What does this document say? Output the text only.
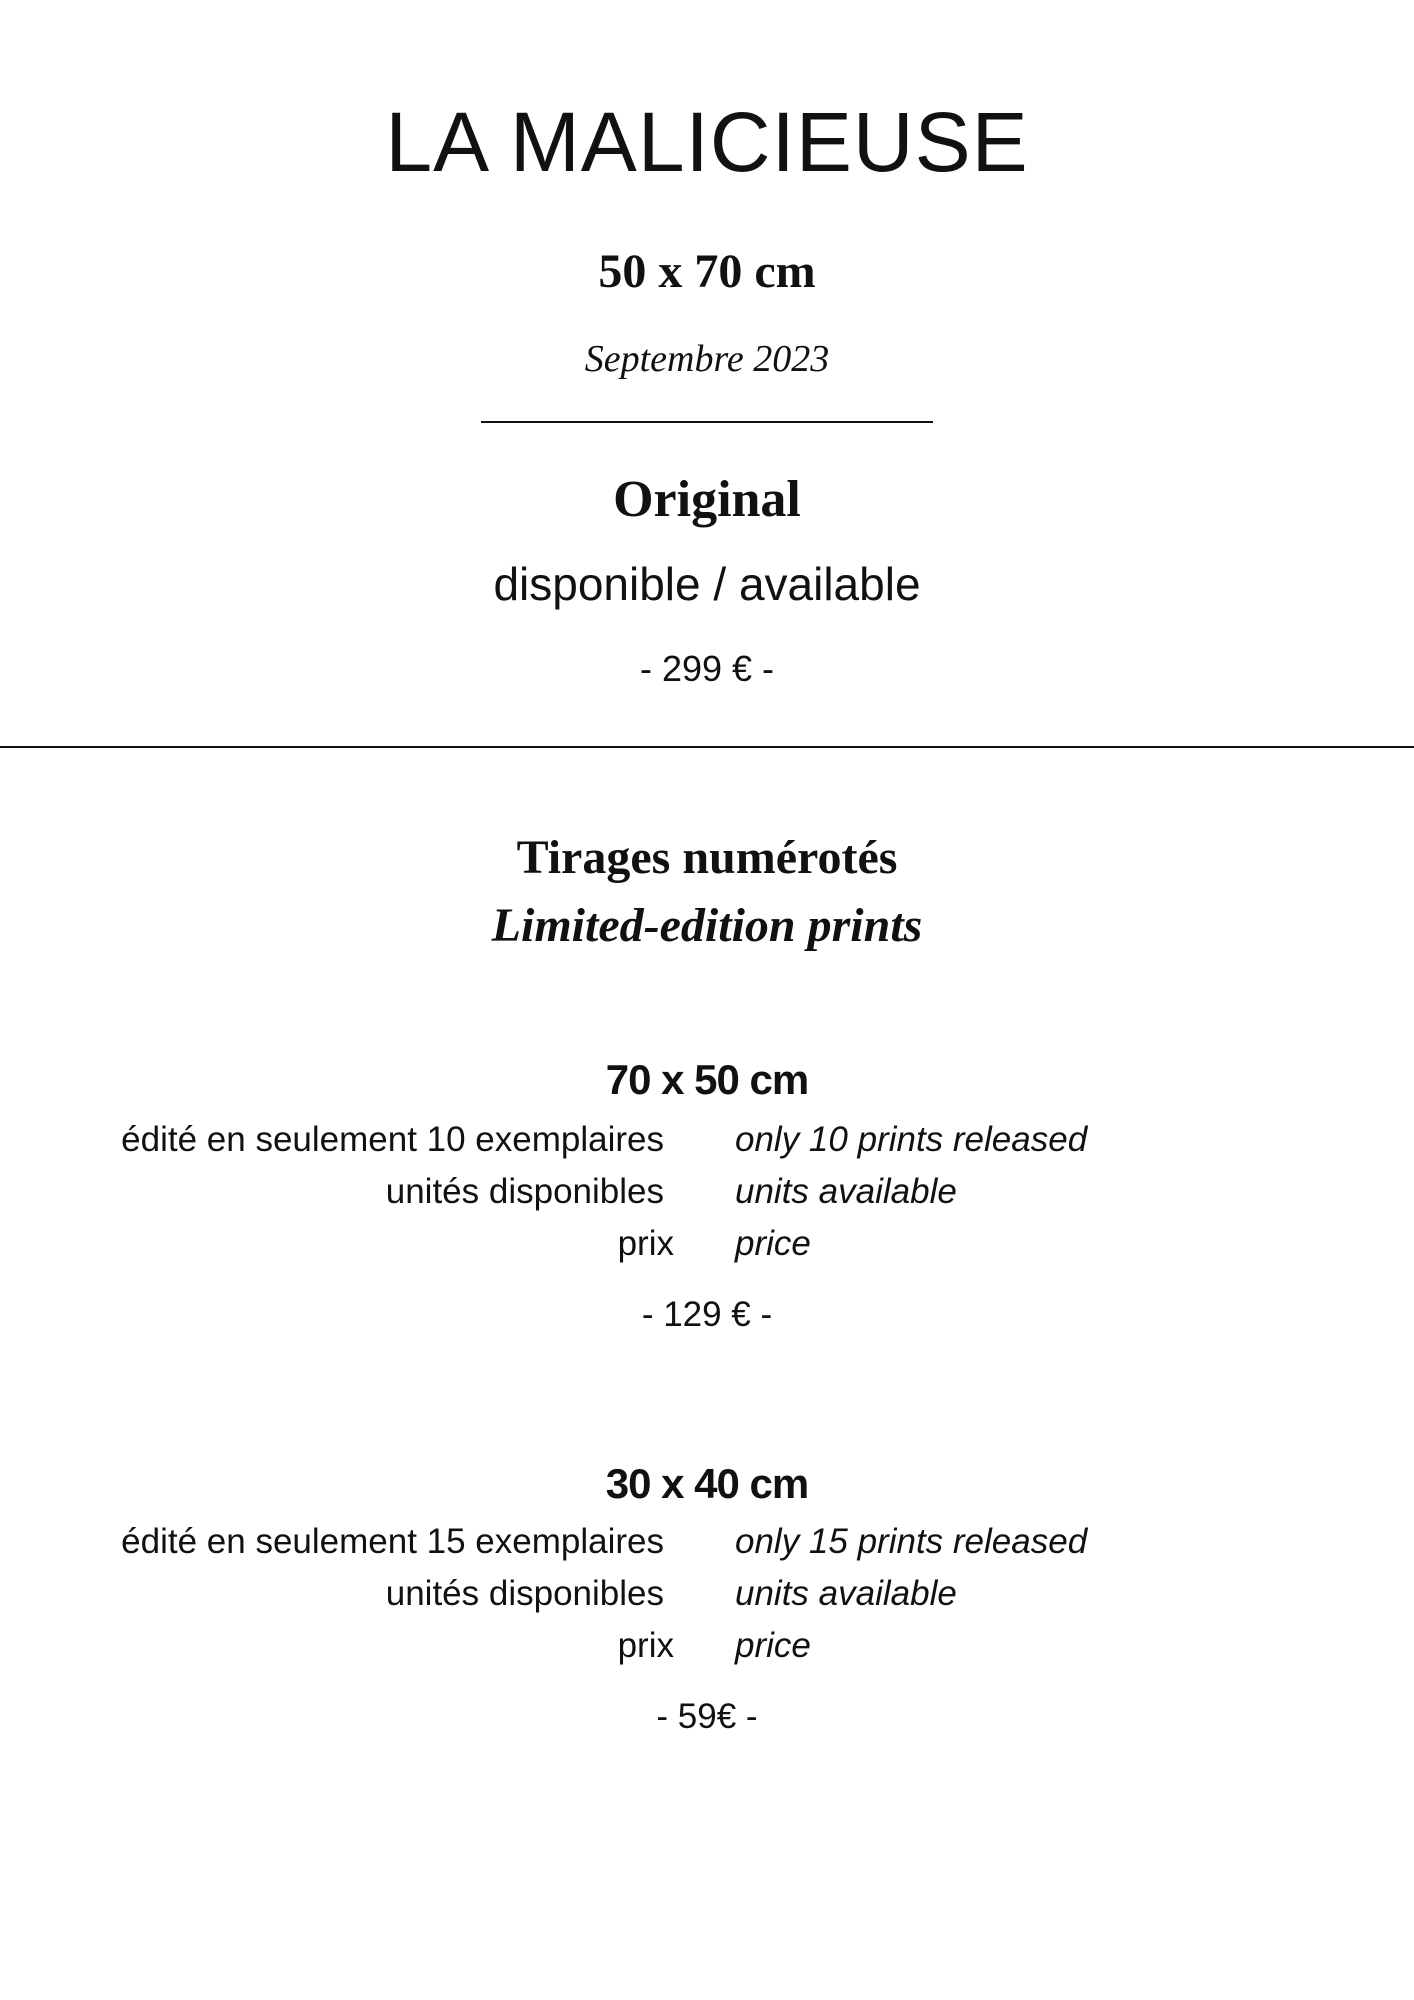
LA MALICIEUSE
50 x 70 cm
Septembre 2023
Original
disponible / available
- 299 € -
Tirages numérotés
Limited-edition prints
70 x 50 cm
édité en seulement 10 exemplaires only 10 prints released
unités disponibles units available
prix price
- 129 € -
30 x 40 cm
édité en seulement 15 exemplaires only 15 prints released
unités disponibles units available
prix price
- 59€ -
